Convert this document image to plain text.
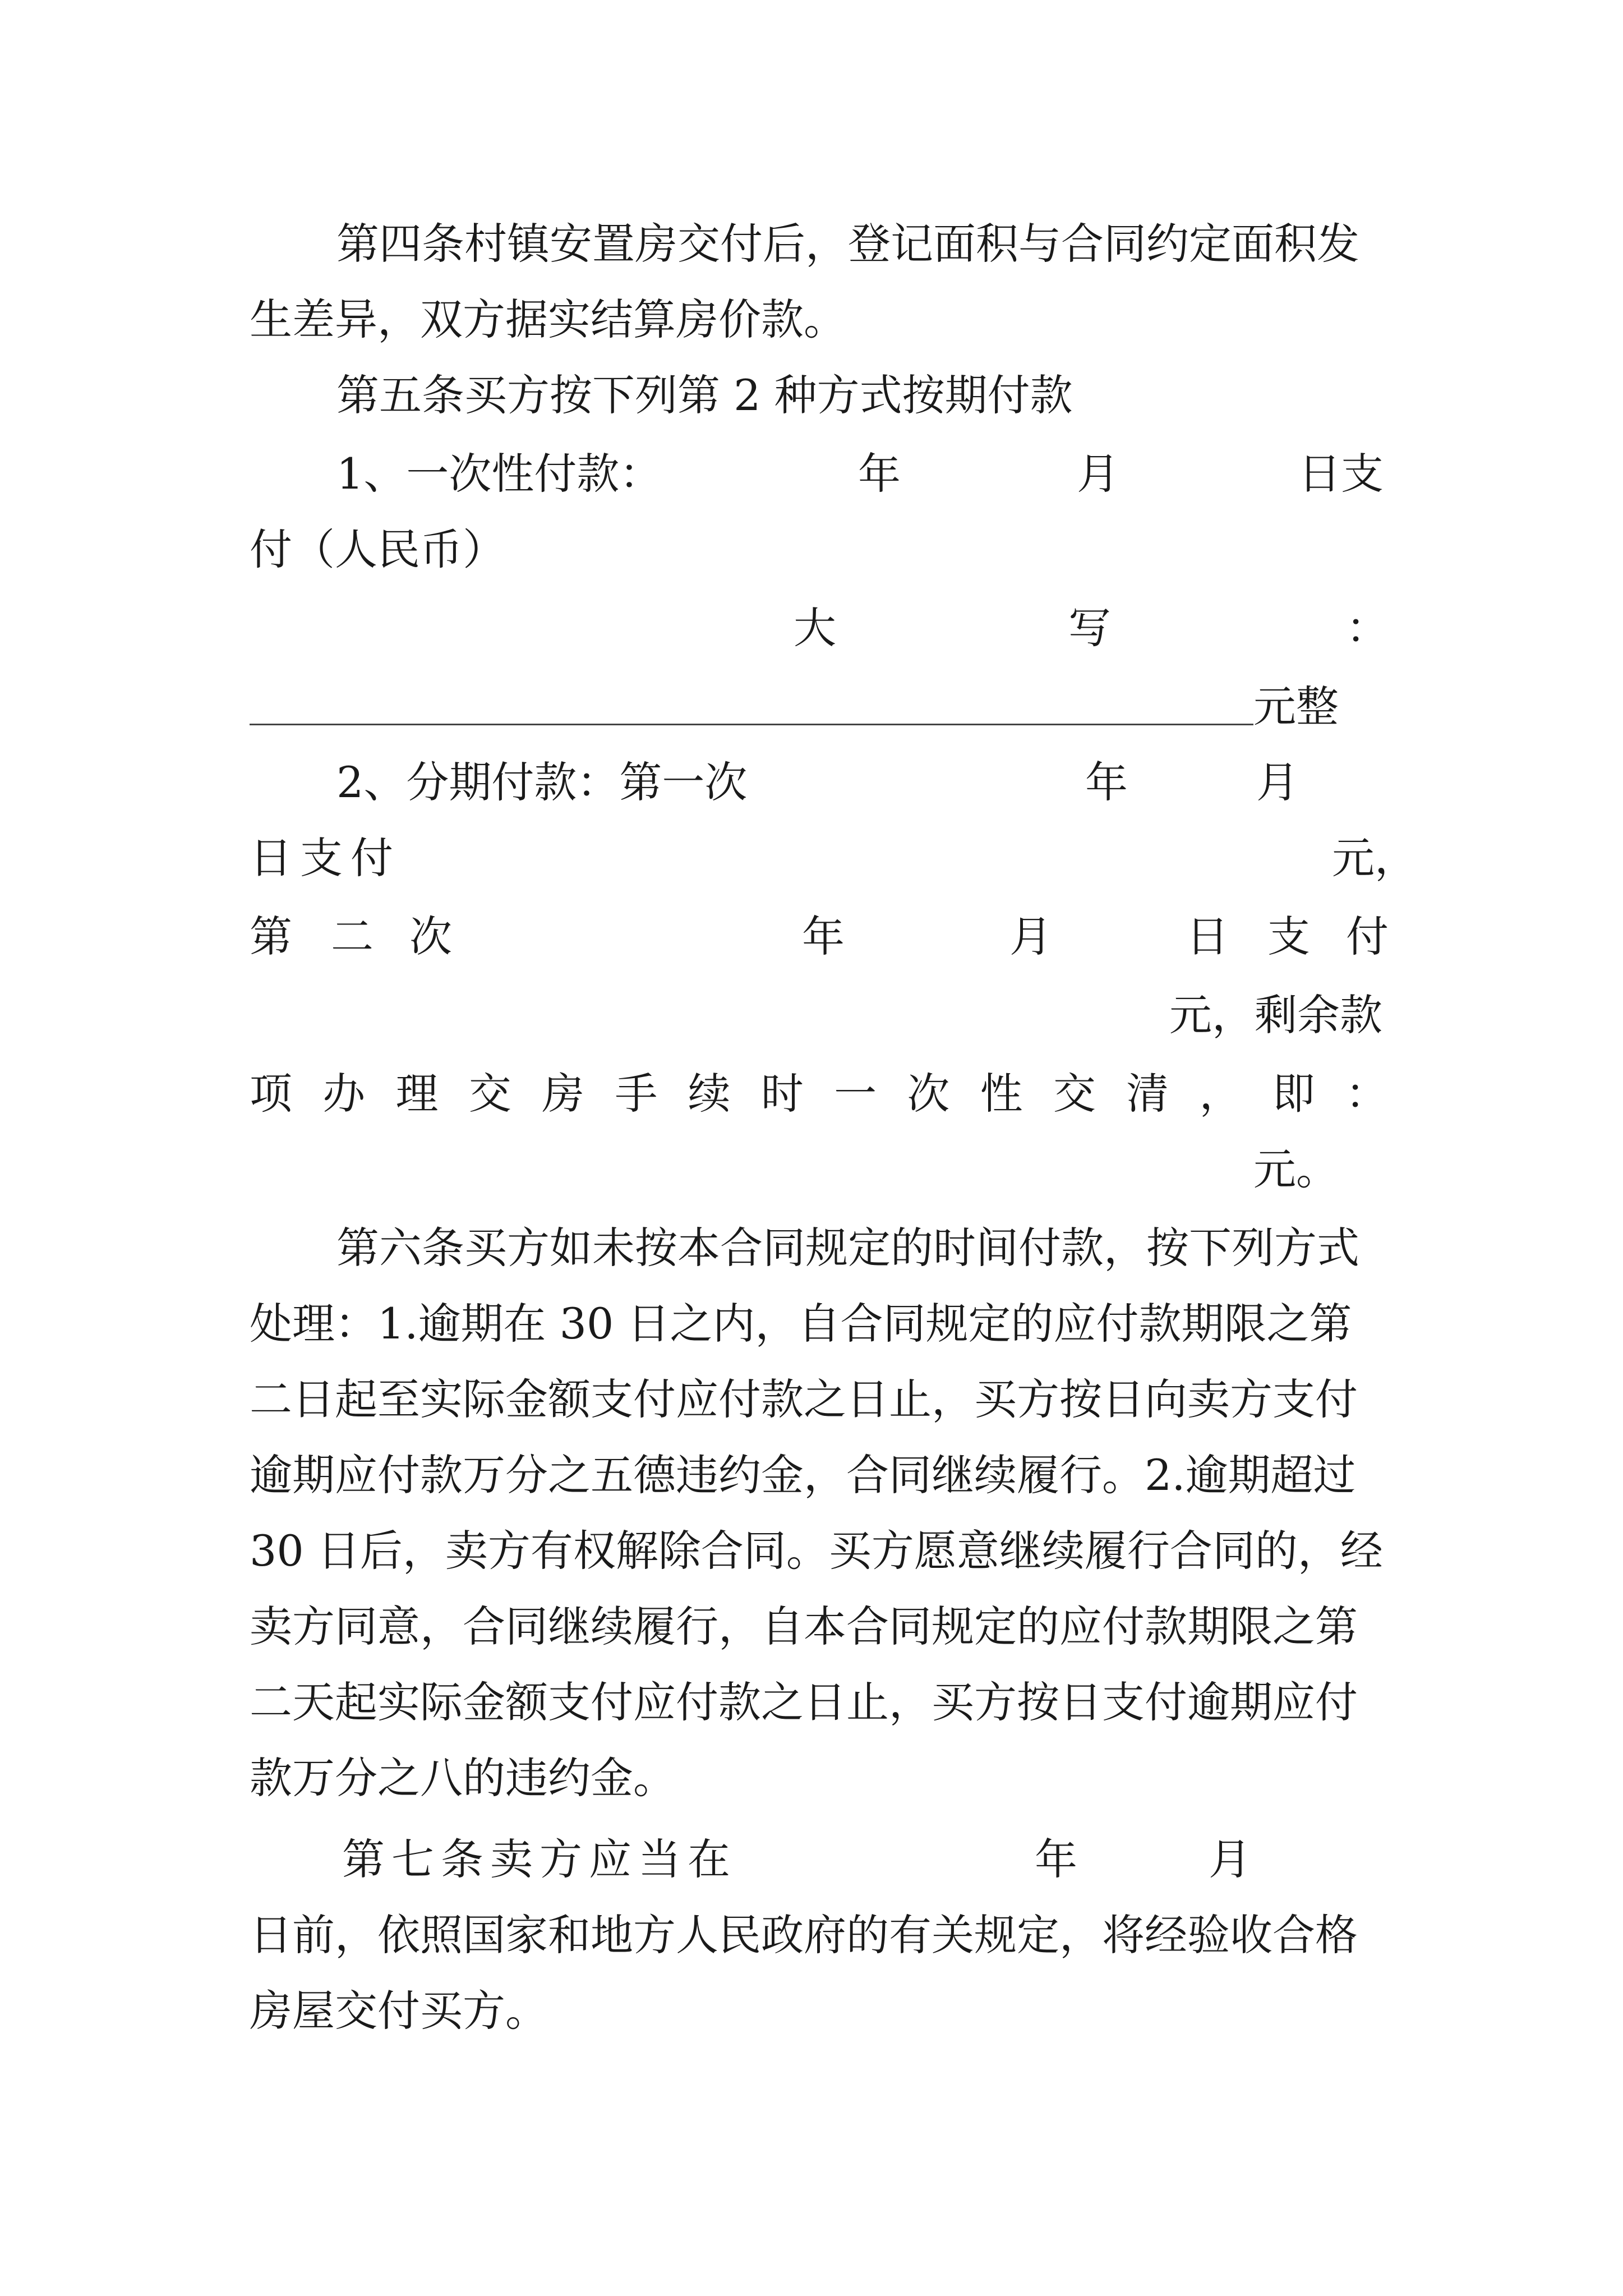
第四条村镇安置房交付后，登记面积与合同约定面积发
生差异，双方据实结算房价款。
第五条买方按下列第 2 种方式按期付款
1、一次性付款：	年	月	日支
付（人民币）
大	写	：
元整
2、分期付款：第一次	年	月
日支付	元，
第 二 次	年	月	日 支 付
元，剩余款
项 办 理 交 房 手 续 时 一 次 性 交 清 ， 即 ：
元。
第六条买方如未按本合同规定的时间付款，按下列方式
处理：1.逾期在 30 日之内，自合同规定的应付款期限之第
二日起至实际金额支付应付款之日止，买方按日向卖方支付
逾期应付款万分之五德违约金，合同继续履行。2.逾期超过
30 日后，卖方有权解除合同。买方愿意继续履行合同的，经
卖方同意，合同继续履行，自本合同规定的应付款期限之第
二天起实际金额支付应付款之日止，买方按日支付逾期应付
款万分之八的违约金。
第七条卖方应当在	年	月
日前，依照国家和地方人民政府的有关规定，将经验收合格
房屋交付买方。
